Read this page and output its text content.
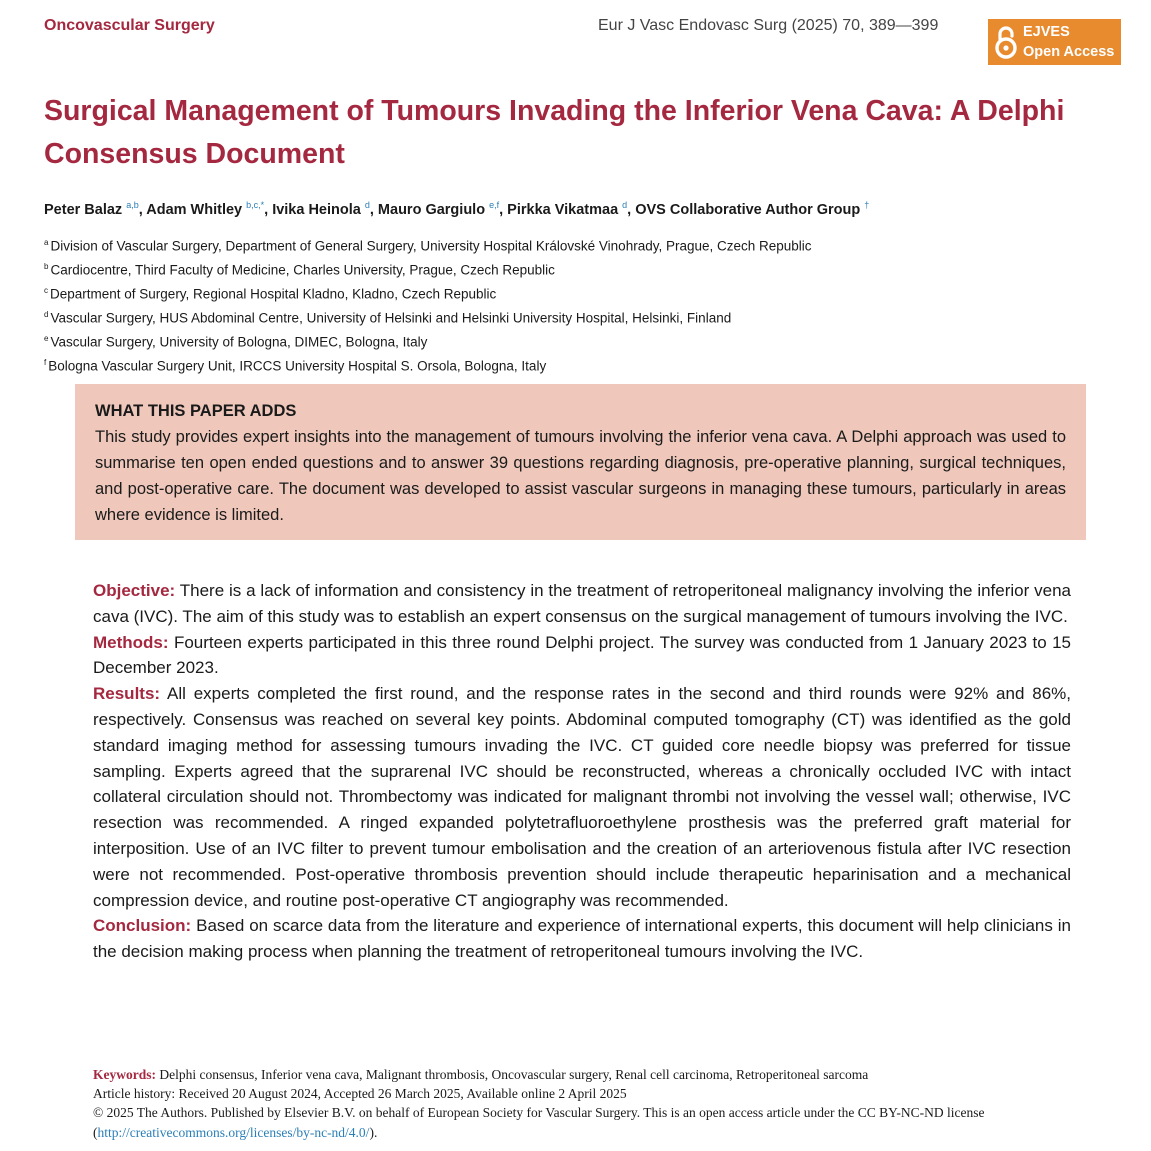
Oncovascular Surgery	Eur J Vasc Endovasc Surg (2025) 70, 389—399	EJVES
Open Access
Surgical Management of Tumours Invading the Inferior Vena Cava: A Delphi Consensus Document
Peter Balaz $^{a,b}$, Adam Whitley $^{b,c,*}$, Ivika Heinola $^d$, Mauro Gargiulo $^{e,f}$, Pirkka Vikatmaa $^d$, OVS Collaborative Author Group †
$^a$ Division of Vascular Surgery, Department of General Surgery, University Hospital Královské Vinohrady, Prague, Czech Republic
$^b$ Cardiocentre, Third Faculty of Medicine, Charles University, Prague, Czech Republic
$^c$ Department of Surgery, Regional Hospital Kladno, Kladno, Czech Republic
$^d$ Vascular Surgery, HUS Abdominal Centre, University of Helsinki and Helsinki University Hospital, Helsinki, Finland
$^e$ Vascular Surgery, University of Bologna, DIMEC, Bologna, Italy
$^f$ Bologna Vascular Surgery Unit, IRCCS University Hospital S. Orsola, Bologna, Italy
WHAT THIS PAPER ADDS
This study provides expert insights into the management of tumours involving the inferior vena cava. A Delphi approach was used to summarise ten open ended questions and to answer 39 questions regarding diagnosis, pre-operative planning, surgical techniques, and post-operative care. The document was developed to assist vascular surgeons in managing these tumours, particularly in areas where evidence is limited.

Objective: There is a lack of information and consistency in the treatment of retroperitoneal malignancy involving the inferior vena cava (IVC). The aim of this study was to establish an expert consensus on the surgical management of tumours involving the IVC.

Methods: Fourteen experts participated in this three round Delphi project. The survey was conducted from 1 January 2023 to 15 December 2023.

Results: All experts completed the first round, and the response rates in the second and third rounds were 92% and 86%, respectively. Consensus was reached on several key points. Abdominal computed tomography (CT) was identified as the gold standard imaging method for assessing tumours invading the IVC. CT guided core needle biopsy was preferred for tissue sampling. Experts agreed that the suprarenal IVC should be reconstructed, whereas a chronically occluded IVC with intact collateral circulation should not. Thrombectomy was indicated for malignant thrombi not involving the vessel wall; otherwise, IVC resection was recommended. A ringed expanded polytetrafluoroethylene prosthesis was the preferred graft material for interposition. Use of an IVC filter to prevent tumour embolisation and the creation of an arteriovenous fistula after IVC resection were not recommended. Post-operative thrombosis prevention should include therapeutic heparinisation and a mechanical compression device, and routine post-operative CT angiography was recommended.

Conclusion: Based on scarce data from the literature and experience of international experts, this document will help clinicians in the decision making process when planning the treatment of retroperitoneal tumours involving the IVC.

Keywords: Delphi consensus, Inferior vena cava, Malignant thrombosis, Oncovascular surgery, Renal cell carcinoma, Retroperitoneal sarcoma
Article history: Received 20 August 2024, Accepted 26 March 2025, Available online 2 April 2025
© 2025 The Authors. Published by Elsevier B.V. on behalf of European Society for Vascular Surgery. This is an open access article under the CC BY-NC-ND license (http://creativecommons.org/licenses/by-nc-nd/4.0/).
